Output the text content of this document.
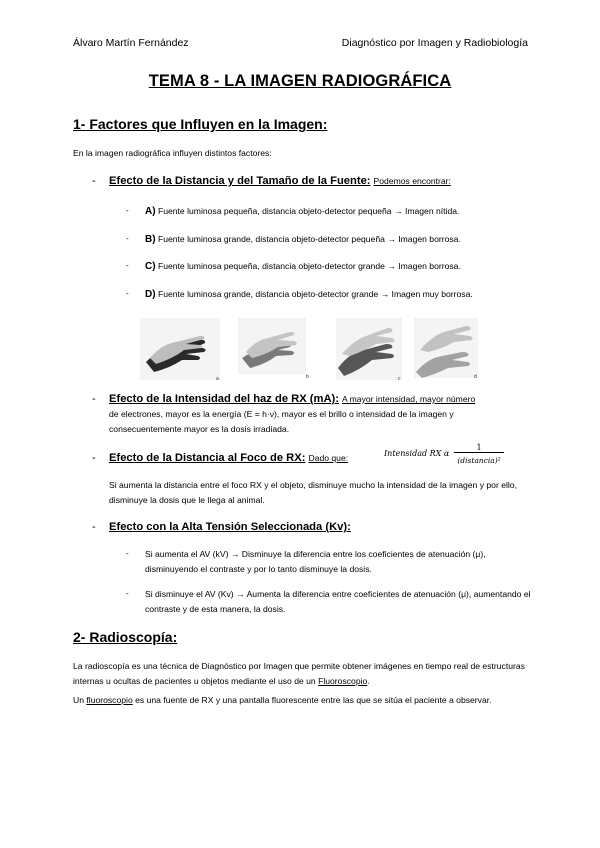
Álvaro Martín Fernández	Diagnóstico por Imagen y Radiobiología
TEMA 8 - LA IMAGEN RADIOGRÁFICA
1- Factores que Influyen en la Imagen:
En la imagen radiográfica influyen distintos factores:
- Efecto de la Distancia y del Tamaño de la Fuente: Podemos encontrar:
- A) Fuente luminosa pequeña, distancia objeto-detector pequeña → Imagen nítida.
- B) Fuente luminosa grande, distancia objeto-detector pequeña → Imagen borrosa.
- C) Fuente luminosa pequeña, distancia objeto-detector grande → Imagen borrosa.
- D) Fuente luminosa grande, distancia objeto-detector grande → Imagen muy borrosa.
a	b	c	d
- Efecto de la Intensidad del haz de RX (mA): A mayor intensidad, mayor número
de electrones, mayor es la energía (E = h·ν), mayor es el brillo o intensidad de la imagen y consecuentemente mayor es la dosis irradiada.
- Efecto de la Distancia al Foco de RX: Dado que:	Intensidad RX α
1
(distancia)²
Si aumenta la distancia entre el foco RX y el objeto, disminuye mucho la intensidad de la imagen y por ello, disminuye la dosis que le llega al animal.
- Efecto con la Alta Tensión Seleccionada (Kv):
- Si aumenta el AV (kV) → Disminuye la diferencia entre los coeficientes de atenuación (μ), disminuyendo el contraste y por lo tanto disminuye la dosis.
- Si disminuye el AV (Kv) → Aumenta la diferencia entre coeficientes de atenuación (μ), aumentando el contraste y de esta manera, la dosis.
2- Radioscopía:
La radioscopía es una técnica de Diagnóstico por Imagen que permite obtener imágenes en tiempo real de estructuras internas u ocultas de pacientes u objetos mediante el uso de un Fluoroscopio.
Un fluoroscopio es una fuente de RX y una pantalla fluorescente entre las que se sitúa el paciente a observar.
